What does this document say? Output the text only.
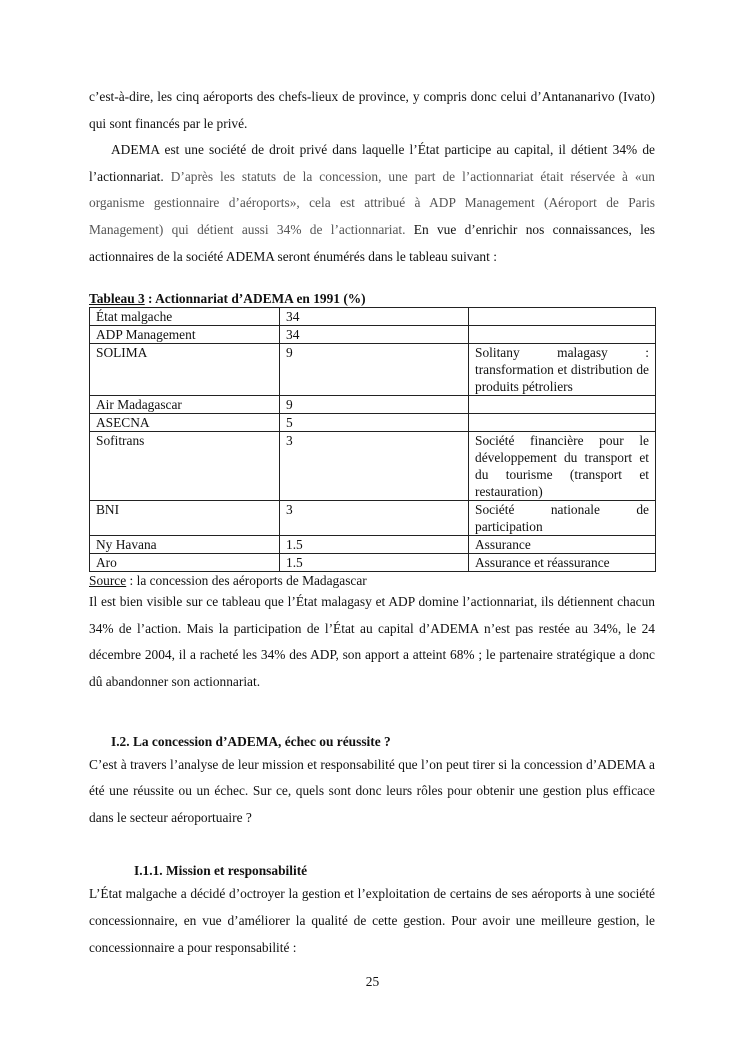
c’est-à-dire, les cinq aéroports des chefs-lieux de province, y compris donc celui d’Antananarivo (Ivato) qui sont financés par le privé.

ADEMA est une société de droit privé dans laquelle l’État participe au capital, il détient 34% de l’actionnariat. D’après les statuts de la concession, une part de l’actionnariat était réservée à «un organisme gestionnaire d’aéroports», cela est attribué à ADP Management (Aéroport de Paris Management) qui détient aussi 34% de l’actionnariat. En vue d’enrichir nos connaissances, les actionnaires de la société ADEMA seront énumérés dans le tableau suivant :

Tableau 3 : Actionnariat d’ADEMA en 1991 (%)
État malgache	34	
ADP Management	34	
SOLIMA	9	Solitany malagasy : transformation et distribution de produits pétroliers
Air Madagascar	9	
ASECNA	5	
Sofitrans	3	Société financière pour le développement du transport et du tourisme (transport et restauration)
BNI	3	Société nationale de participation
Ny Havana	1.5	Assurance
Aro	1.5	Assurance et réassurance
Source : la concession des aéroports de Madagascar

Il est bien visible sur ce tableau que l’État malagasy et ADP domine l’actionnariat, ils détiennent chacun 34% de l’action. Mais la participation de l’État au capital d’ADEMA n’est pas restée au 34%, le 24 décembre 2004, il a racheté les 34% des ADP, son apport a atteint 68% ; le partenaire stratégique a donc dû abandonner son actionnariat.

I.2. La concession d’ADEMA, échec ou réussite ?

C’est à travers l’analyse de leur mission et responsabilité que l’on peut tirer si la concession d’ADEMA a été une réussite ou un échec. Sur ce, quels sont donc leurs rôles pour obtenir une gestion plus efficace dans le secteur aéroportuaire ?

I.1.1. Mission et responsabilité

L’État malgache a décidé d’octroyer la gestion et l’exploitation de certains de ses aéroports à une société concessionnaire, en vue d’améliorer la qualité de cette gestion. Pour avoir une meilleure gestion, le concessionnaire a pour responsabilité :

25
